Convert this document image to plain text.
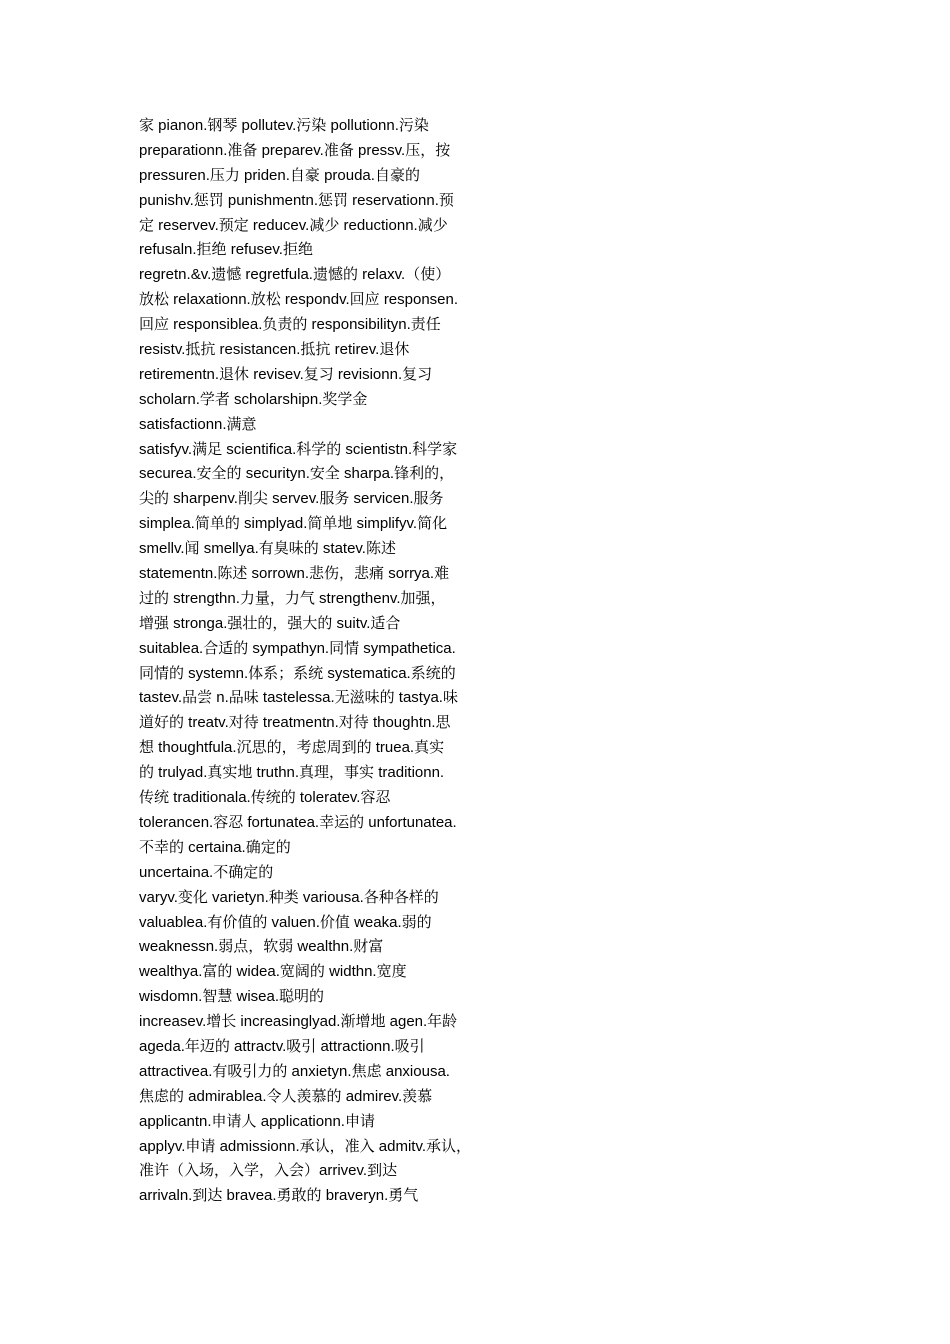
家 pianon.钢琴 pollutev.污染 pollutionn.污染
preparationn.准备 preparev.准备 pressv.压，按
pressuren.压力 priden.自豪 prouda.自豪的
punishv.惩罚 punishmentn.惩罚 reservationn.预
定 reservev.预定 reducev.减少 reductionn.减少
refusaln.拒绝 refusev.拒绝
regretn.&v.遗憾 regretfula.遗憾的 relaxv.（使）
放松 relaxationn.放松 respondv.回应 responsen.
回应 responsiblea.负责的 responsibilityn.责任
resistv.抵抗 resistancen.抵抗 retirev.退休
retirementn.退休 revisev.复习 revisionn.复习
scholarn.学者 scholarshipn.奖学金
satisfactionn.满意
satisfyv.满足 scientifica.科学的 scientistn.科学家
securea.安全的 securityn.安全 sharpa.锋利的，
尖的 sharpenv.削尖 servev.服务 servicen.服务
simplea.简单的 simplyad.简单地 simplifyv.简化
smellv.闻 smellya.有臭味的 statev.陈述
statementn.陈述 sorrown.悲伤，悲痛 sorrya.难
过的 strengthn.力量，力气 strengthenv.加强，
增强 stronga.强壮的，强大的 suitv.适合
suitablea.合适的 sympathyn.同情 sympathetica.
同情的 systemn.体系；系统 systematica.系统的
tastev.品尝 n.品味 tastelessa.无滋味的 tastya.味
道好的 treatv.对待 treatmentn.对待 thoughtn.思
想 thoughtfula.沉思的，考虑周到的 truea.真实
的 trulyad.真实地 truthn.真理，事实 traditionn.
传统 traditionala.传统的 toleratev.容忍
tolerancen.容忍 fortunatea.幸运的 unfortunatea.
不幸的 certaina.确定的
uncertaina.不确定的
varyv.变化 varietyn.种类 variousa.各种各样的
valuablea.有价值的 valuen.价值 weaka.弱的
weaknessn.弱点，软弱 wealthn.财富
wealthya.富的 widea.宽阔的 widthn.宽度
wisdomn.智慧 wisea.聪明的
increasev.增长 increasinglyad.渐增地 agen.年龄
ageda.年迈的 attractv.吸引 attractionn.吸引
attractivea.有吸引力的 anxietyn.焦虑 anxiousa.
焦虑的 admirablea.令人羡慕的 admirev.羡慕
applicantn.申请人 applicationn.申请
applyv.申请 admissionn.承认，准入 admitv.承认，
准许（入场，入学，入会）arrivev.到达
arrivaln.到达 bravea.勇敢的 braveryn.勇气
